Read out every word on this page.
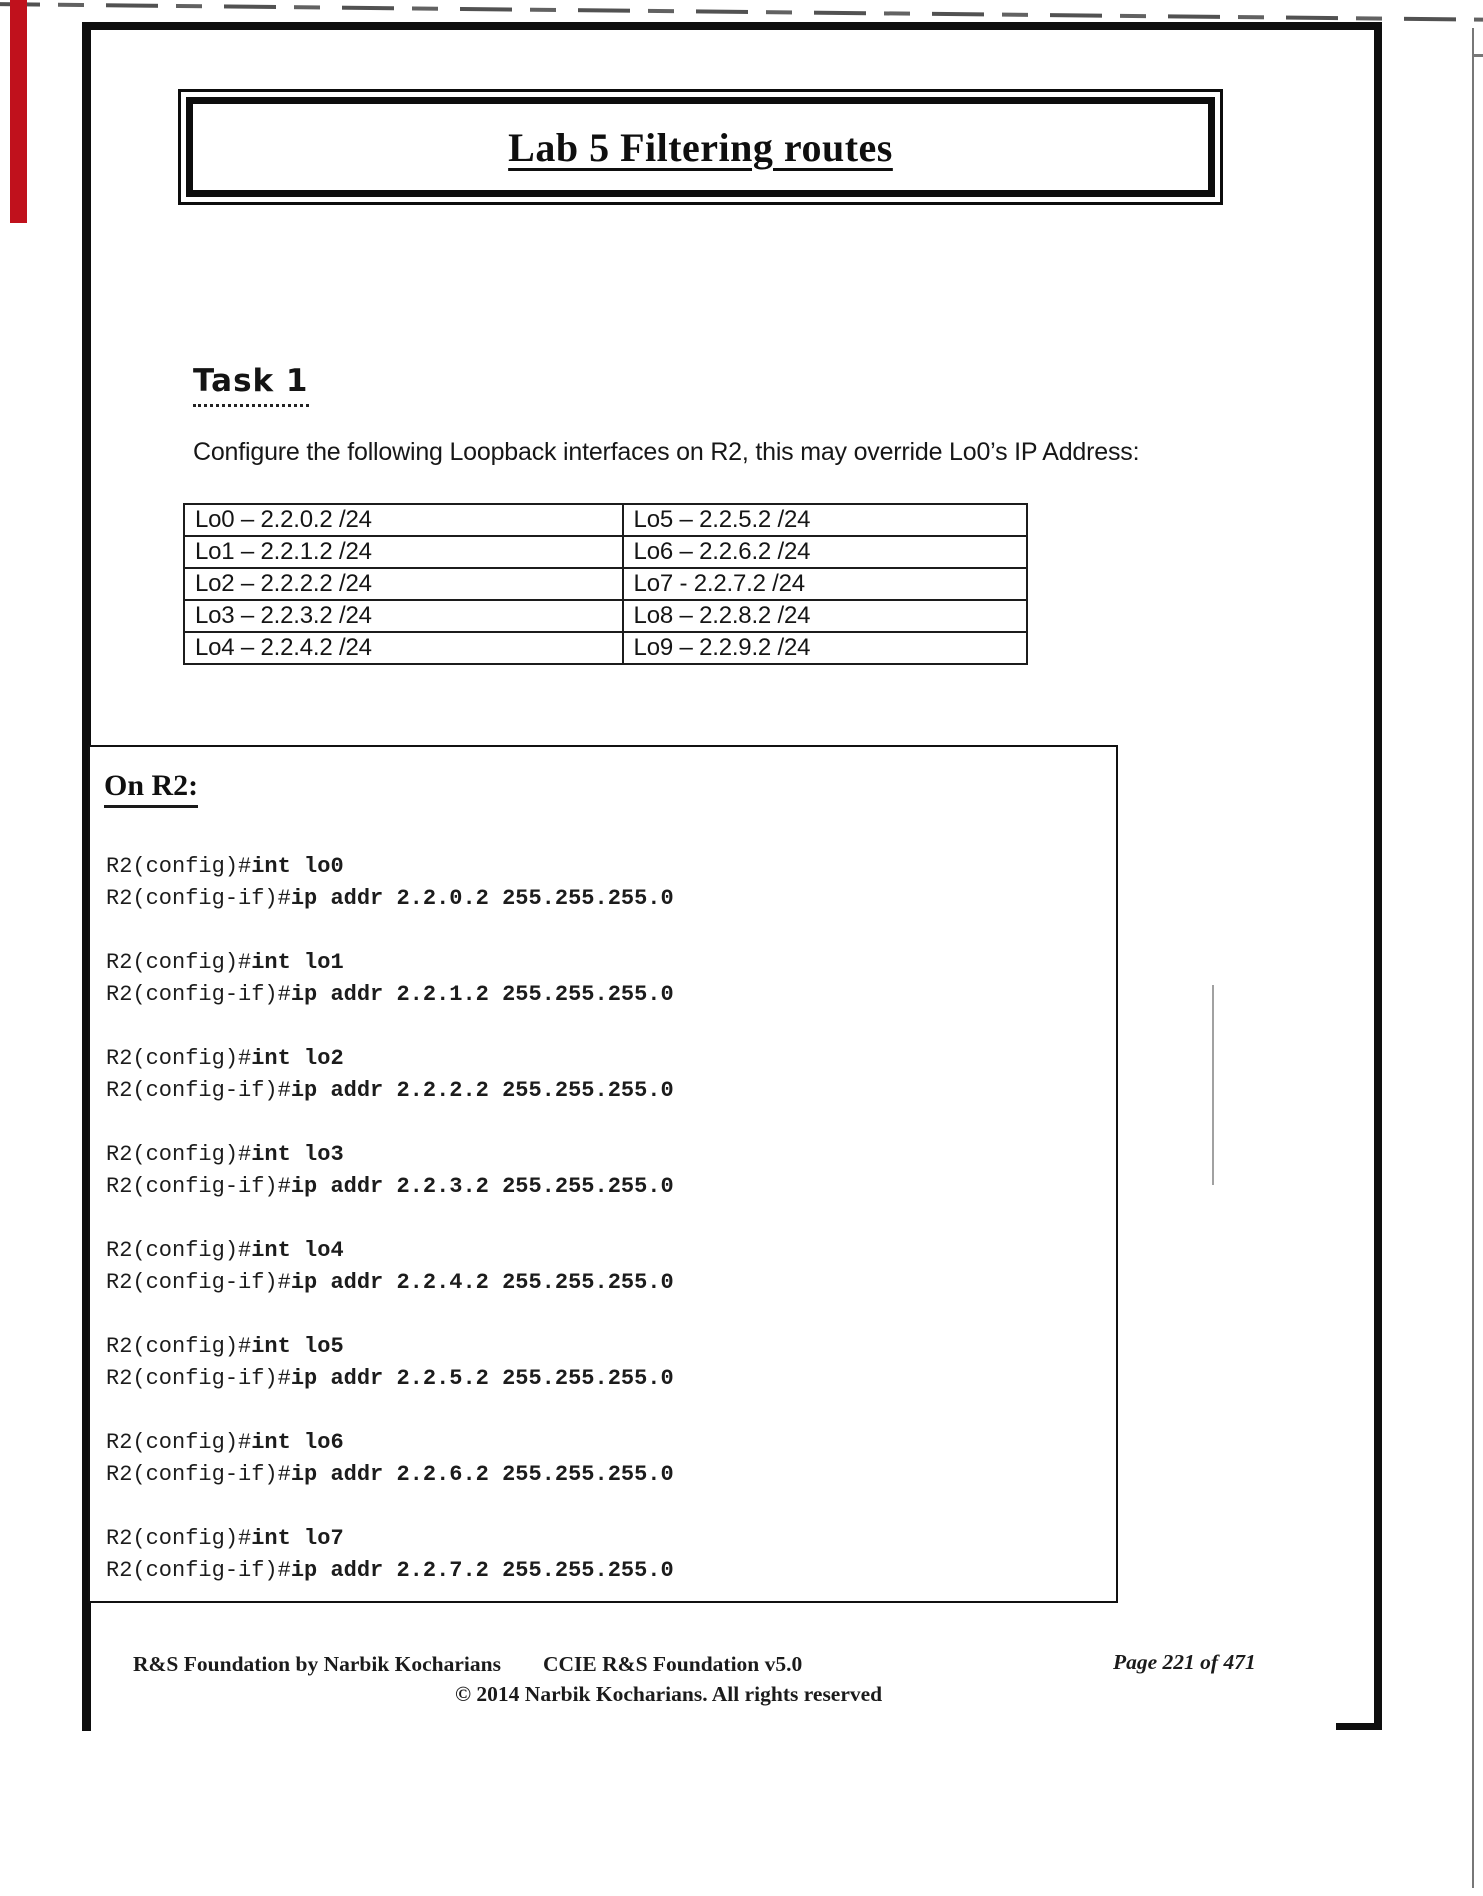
Lab 5 Filtering routes
Task 1
Configure the following Loopback interfaces on R2, this may override Lo0’s IP Address:
Lo0 – 2.2.0.2 /24	Lo5 – 2.2.5.2 /24
Lo1 – 2.2.1.2 /24	Lo6 – 2.2.6.2 /24
Lo2 – 2.2.2.2 /24	Lo7 - 2.2.7.2 /24
Lo3 – 2.2.3.2 /24	Lo8 – 2.2.8.2 /24
Lo4 – 2.2.4.2 /24	Lo9 – 2.2.9.2 /24
On R2:
R2(config)#int lo0
R2(config-if)#ip addr 2.2.0.2 255.255.255.0
R2(config)#int lo1
R2(config-if)#ip addr 2.2.1.2 255.255.255.0
R2(config)#int lo2
R2(config-if)#ip addr 2.2.2.2 255.255.255.0
R2(config)#int lo3
R2(config-if)#ip addr 2.2.3.2 255.255.255.0
R2(config)#int lo4
R2(config-if)#ip addr 2.2.4.2 255.255.255.0
R2(config)#int lo5
R2(config-if)#ip addr 2.2.5.2 255.255.255.0
R2(config)#int lo6
R2(config-if)#ip addr 2.2.6.2 255.255.255.0
R2(config)#int lo7
R2(config-if)#ip addr 2.2.7.2 255.255.255.0
R&S Foundation by Narbik Kocharians CCIE R&S Foundation v5.0	Page 221 of 471
© 2014 Narbik Kocharians. All rights reserved
